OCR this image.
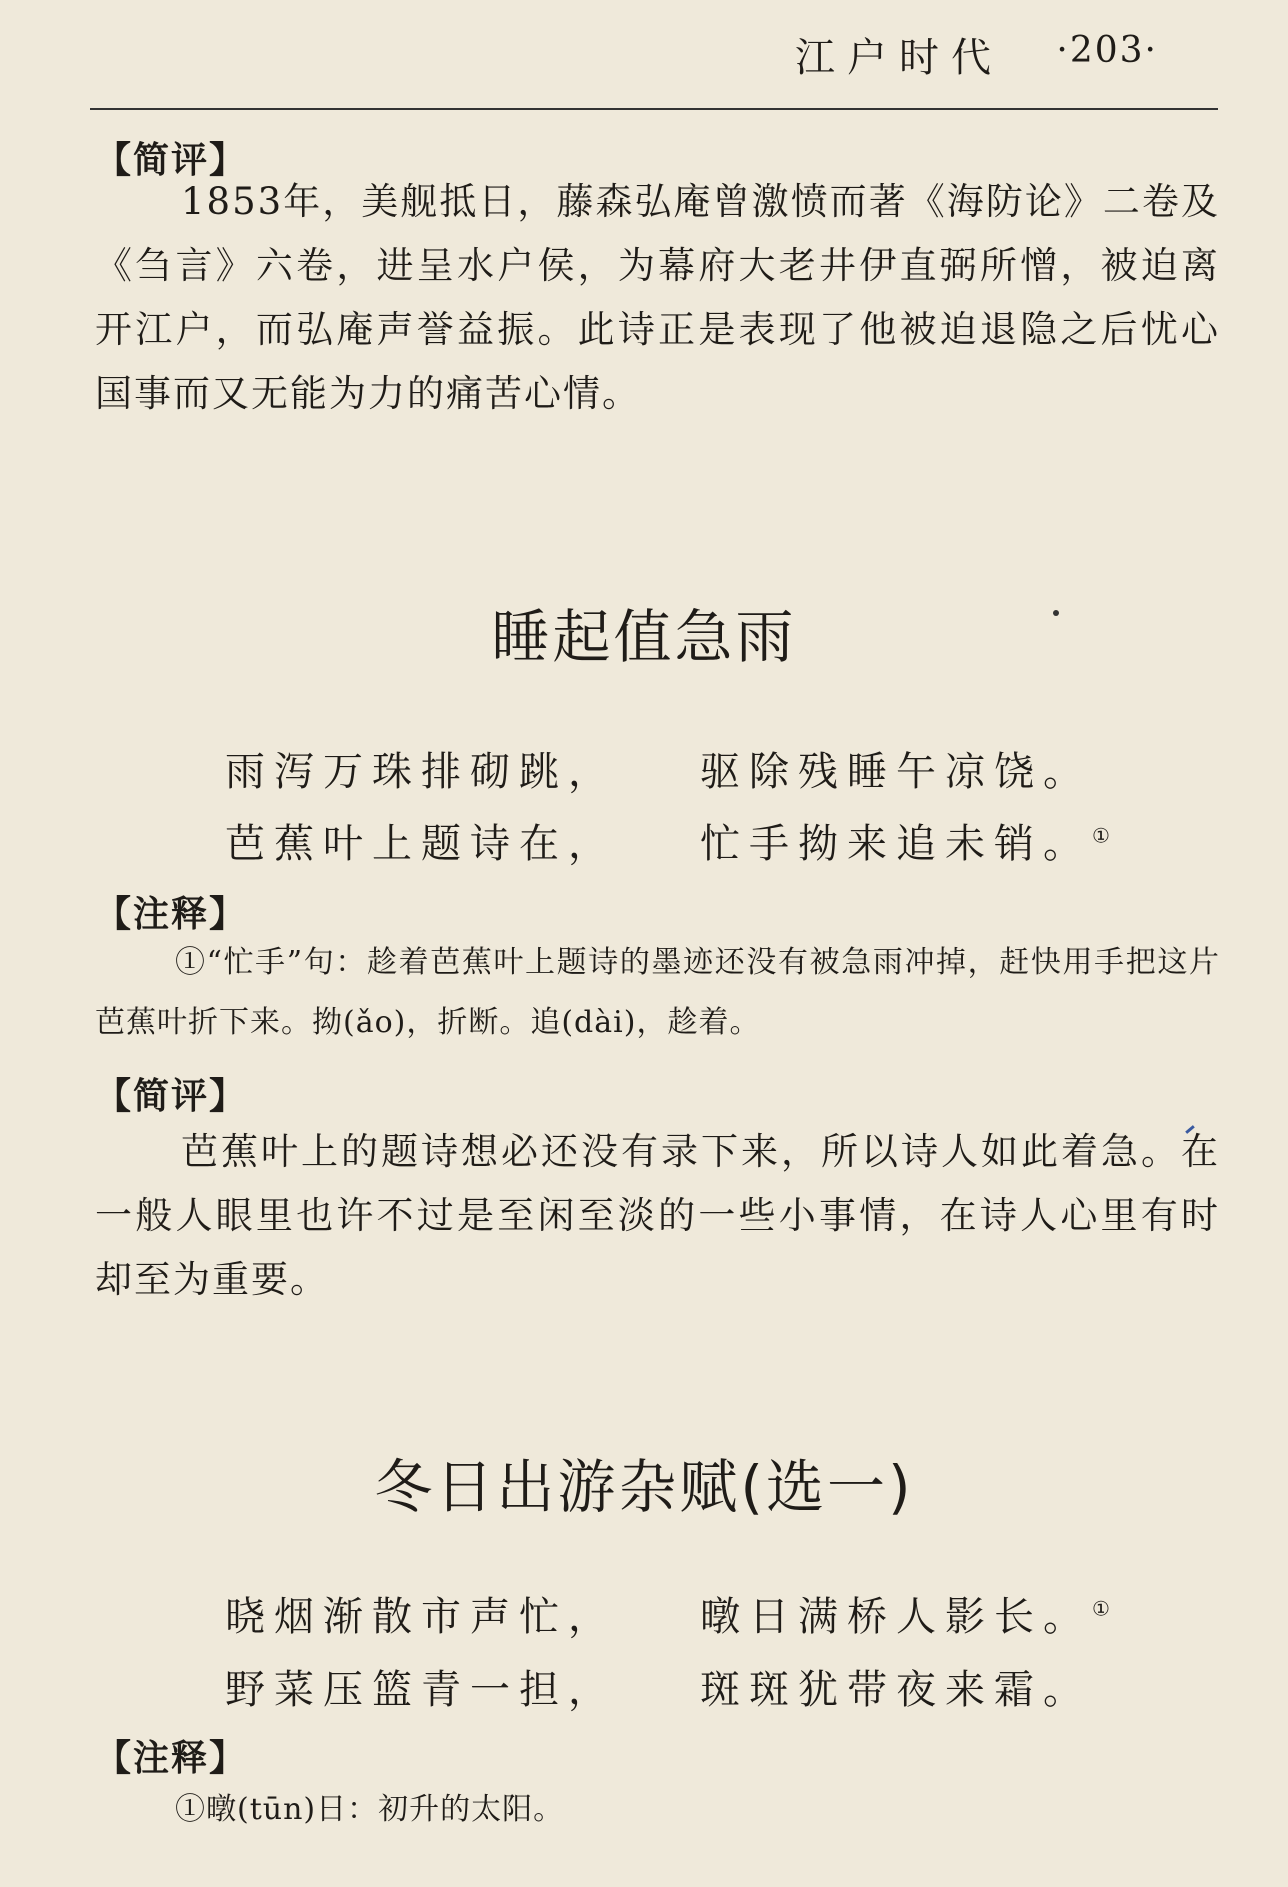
江户时代 ·203·
【简评】
1853年，美舰抵日，藤森弘庵曾激愤而著《海防论》二卷及《刍言》六卷，进呈水户侯，为幕府大老井伊直弼所憎，被迫离开江户，而弘庵声誉益振。此诗正是表现了他被迫退隐之后忧心国事而又无能为力的痛苦心情。
睡起值急雨
雨泻万珠排砌跳， 驱除残睡午凉饶。
芭蕉叶上题诗在， 忙手拗来追未销。①
【注释】
①“忙手”句：趁着芭蕉叶上题诗的墨迹还没有被急雨冲掉，赶快用手把这片芭蕉叶折下来。拗(ǎo)，折断。追(dài)，趁着。
【简评】
芭蕉叶上的题诗想必还没有录下来，所以诗人如此着急。在一般人眼里也许不过是至闲至淡的一些小事情，在诗人心里有时却至为重要。
冬日出游杂赋(选一)
晓烟渐散市声忙， 暾日满桥人影长。①
野菜压篮青一担， 斑斑犹带夜来霜。
【注释】
①暾(tūn)日：初升的太阳。
